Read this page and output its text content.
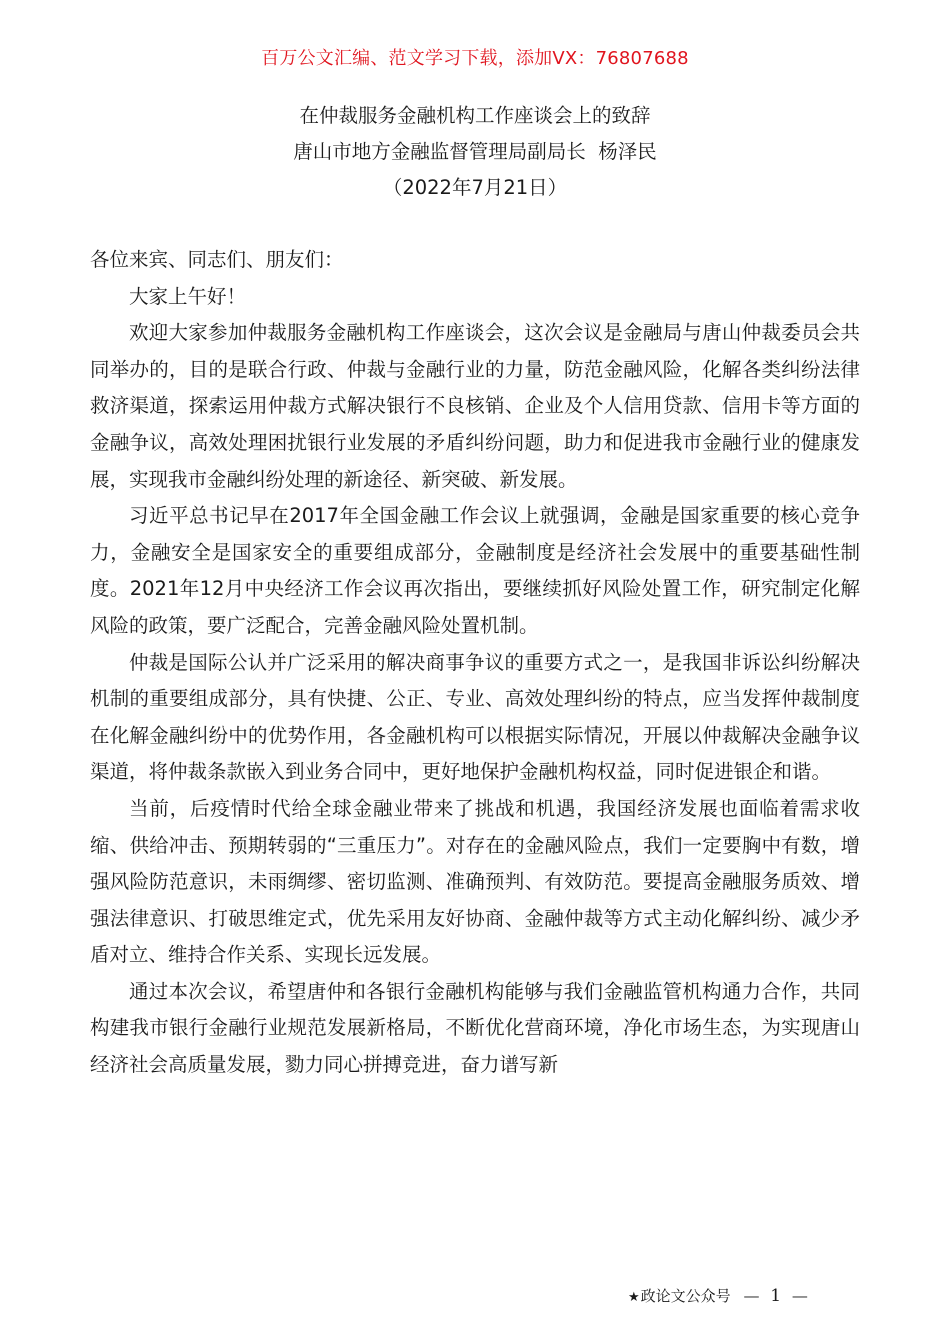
百万公文汇编、范文学习下载，添加VX：76807688
在仲裁服务金融机构工作座谈会上的致辞
唐山市地方金融监督管理局副局长  杨泽民
（2022年7月21日）

各位来宾、同志们、朋友们：

大家上午好！

欢迎大家参加仲裁服务金融机构工作座谈会，这次会议是金融局与唐山仲裁委员会共同举办的，目的是联合行政、仲裁与金融行业的力量，防范金融风险，化解各类纠纷法律救济渠道，探索运用仲裁方式解决银行不良核销、企业及个人信用贷款、信用卡等方面的金融争议，高效处理困扰银行业发展的矛盾纠纷问题，助力和促进我市金融行业的健康发展，实现我市金融纠纷处理的新途径、新突破、新发展。

习近平总书记早在2017年全国金融工作会议上就强调，金融是国家重要的核心竞争力，金融安全是国家安全的重要组成部分，金融制度是经济社会发展中的重要基础性制度。2021年12月中央经济工作会议再次指出，要继续抓好风险处置工作，研究制定化解风险的政策，要广泛配合，完善金融风险处置机制。

仲裁是国际公认并广泛采用的解决商事争议的重要方式之一，是我国非诉讼纠纷解决机制的重要组成部分，具有快捷、公正、专业、高效处理纠纷的特点，应当发挥仲裁制度在化解金融纠纷中的优势作用，各金融机构可以根据实际情况，开展以仲裁解决金融争议渠道，将仲裁条款嵌入到业务合同中，更好地保护金融机构权益，同时促进银企和谐。

当前，后疫情时代给全球金融业带来了挑战和机遇，我国经济发展也面临着需求收缩、供给冲击、预期转弱的“三重压力”。对存在的金融风险点，我们一定要胸中有数，增强风险防范意识，未雨绸缪、密切监测、准确预判、有效防范。要提高金融服务质效、增强法律意识、打破思维定式，优先采用友好协商、金融仲裁等方式主动化解纠纷、减少矛盾对立、维持合作关系、实现长远发展。

通过本次会议，希望唐仲和各银行金融机构能够与我们金融监管机构通力合作，共同构建我市银行金融行业规范发展新格局，不断优化营商环境，净化市场生态，为实现唐山经济社会高质量发展，勠力同心拼搏竞进，奋力谱写新

★政论文公众号 — 1 —
